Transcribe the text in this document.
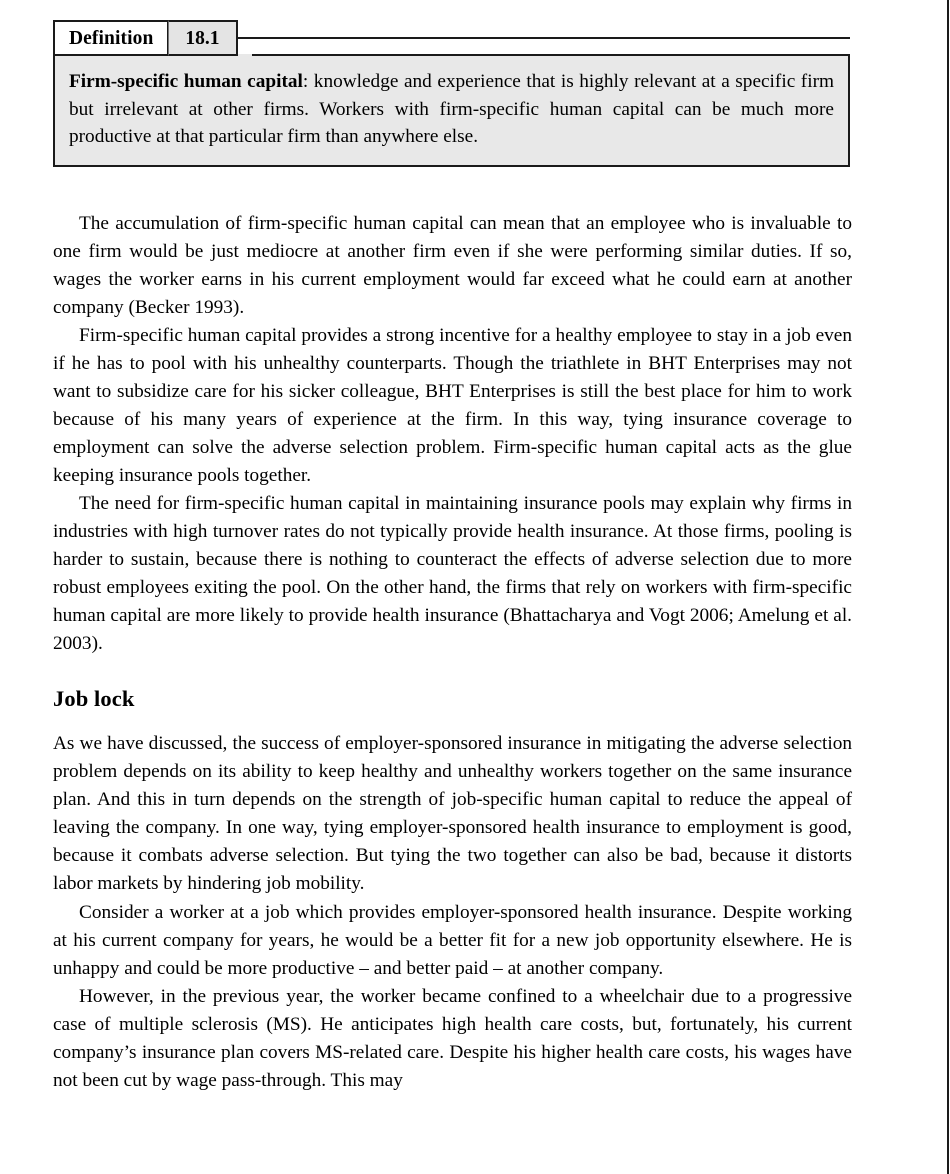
Definition	18.1
Firm-specific human capital: knowledge and experience that is highly relevant at a specific firm but irrelevant at other firms. Workers with firm-specific human capital can be much more productive at that particular firm than anywhere else.

The accumulation of firm-specific human capital can mean that an employee who is invaluable to one firm would be just mediocre at another firm even if she were performing similar duties. If so, wages the worker earns in his current employment would far exceed what he could earn at another company (Becker 1993).

Firm-specific human capital provides a strong incentive for a healthy employee to stay in a job even if he has to pool with his unhealthy counterparts. Though the triathlete in BHT Enterprises may not want to subsidize care for his sicker colleague, BHT Enterprises is still the best place for him to work because of his many years of experience at the firm. In this way, tying insurance coverage to employment can solve the adverse selection problem. Firm-specific human capital acts as the glue keeping insurance pools together.

The need for firm-specific human capital in maintaining insurance pools may explain why firms in industries with high turnover rates do not typically provide health insurance. At those firms, pooling is harder to sustain, because there is nothing to counteract the effects of adverse selection due to more robust employees exiting the pool. On the other hand, the firms that rely on workers with firm-specific human capital are more likely to provide health insurance (Bhattacharya and Vogt 2006; Amelung et al. 2003).

Job lock

As we have discussed, the success of employer-sponsored insurance in mitigating the adverse selection problem depends on its ability to keep healthy and unhealthy workers together on the same insurance plan. And this in turn depends on the strength of job-specific human capital to reduce the appeal of leaving the company. In one way, tying employer-sponsored health insurance to employment is good, because it combats adverse selection. But tying the two together can also be bad, because it distorts labor markets by hindering job mobility.

Consider a worker at a job which provides employer-sponsored health insurance. Despite working at his current company for years, he would be a better fit for a new job opportunity elsewhere. He is unhappy and could be more productive – and better paid – at another company.

However, in the previous year, the worker became confined to a wheelchair due to a progressive case of multiple sclerosis (MS). He anticipates high health care costs, but, fortunately, his current company’s insurance plan covers MS-related care. Despite his higher health care costs, his wages have not been cut by wage pass-through. This may
